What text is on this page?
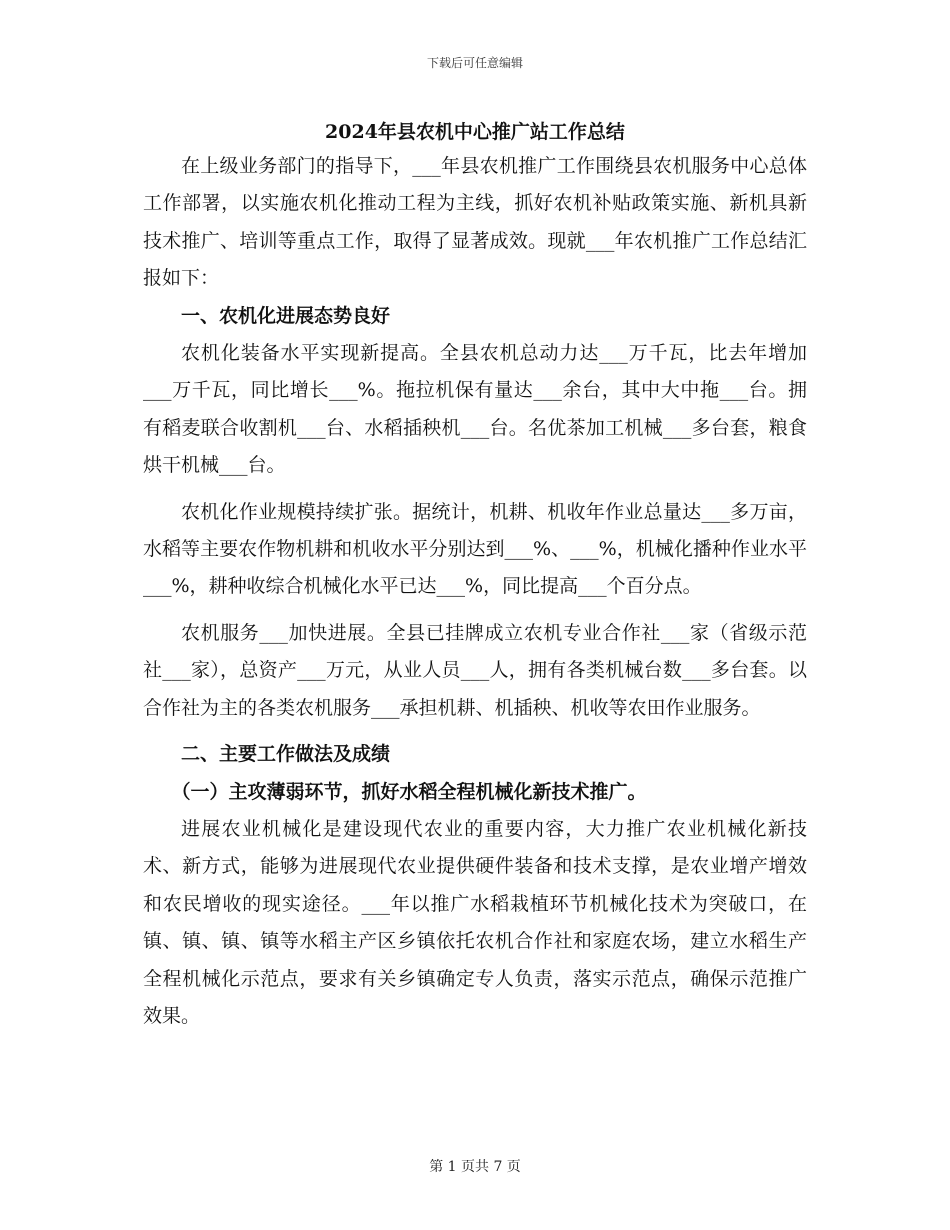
下载后可任意编辑
2024年县农机中心推广站工作总结

在上级业务部门的指导下，___年县农机推广工作围绕县农机服务中心总体工作部署，以实施农机化推动工程为主线，抓好农机补贴政策实施、新机具新技术推广、培训等重点工作，取得了显著成效。现就___年农机推广工作总结汇报如下：

一、农机化进展态势良好

农机化装备水平实现新提高。全县农机总动力达___万千瓦，比去年增加___万千瓦，同比增长___%。拖拉机保有量达___余台，其中大中拖___台。拥有稻麦联合收割机___台、水稻插秧机___台。名优茶加工机械___多台套，粮食烘干机械___台。

农机化作业规模持续扩张。据统计，机耕、机收年作业总量达___多万亩，水稻等主要农作物机耕和机收水平分别达到___%、___%，机械化播种作业水平___%，耕种收综合机械化水平已达___%，同比提高___个百分点。

农机服务___加快进展。全县已挂牌成立农机专业合作社___家（省级示范社___家），总资产___万元，从业人员___人，拥有各类机械台数___多台套。以合作社为主的各类农机服务___承担机耕、机插秧、机收等农田作业服务。

二、主要工作做法及成绩

（一）主攻薄弱环节，抓好水稻全程机械化新技术推广。

进展农业机械化是建设现代农业的重要内容，大力推广农业机械化新技术、新方式，能够为进展现代农业提供硬件装备和技术支撑，是农业增产增效和农民增收的现实途径。___年以推广水稻栽植环节机械化技术为突破口，在镇、镇、镇、镇等水稻主产区乡镇依托农机合作社和家庭农场，建立水稻生产全程机械化示范点，要求有关乡镇确定专人负责，落实示范点，确保示范推广效果。

第 1 页共 7 页
